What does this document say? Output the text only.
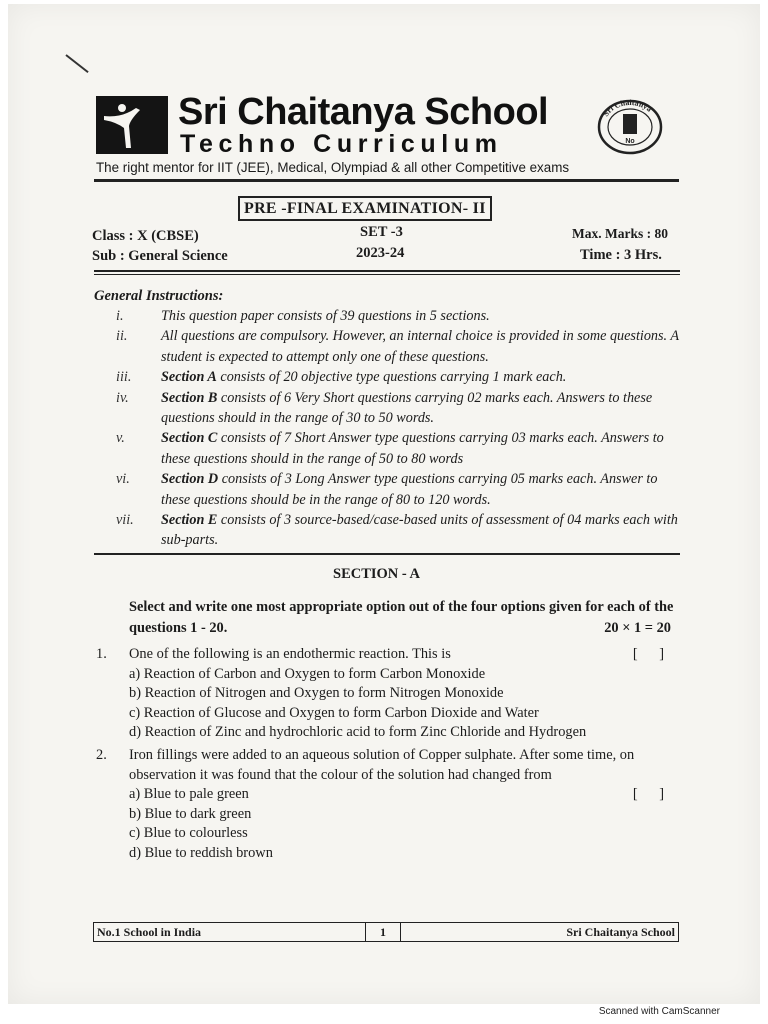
Sri Chaitanya School
Techno Curriculum
Sri Chaitanya
No
The right mentor for IIT (JEE), Medical, Olympiad & all other Competitive exams
PRE -FINAL EXAMINATION- II
Class : X (CBSE)
Sub : General Science
SET -3
2023-24
Max. Marks : 80
Time : 3 Hrs.
General Instructions:
i.	This question paper consists of 39 questions in 5 sections.
ii.	All questions are compulsory. However, an internal choice is provided in some questions. A student is expected to attempt only one of these questions.
iii.	Section A consists of 20 objective type questions carrying 1 mark each.
iv.	Section B consists of 6 Very Short questions carrying 02 marks each. Answers to these questions should in the range of 30 to 50 words.
v.	Section C consists of 7 Short Answer type questions carrying 03 marks each. Answers to these questions should in the range of 50 to 80 words
vi.	Section D consists of 3 Long Answer type questions carrying 05 marks each. Answer to these questions should be in the range of 80 to 120 words.
vii.	Section E consists of 3 source-based/case-based units of assessment of 04 marks each with sub-parts.
SECTION - A
Select and write one most appropriate option out of the four options given for each of the questions 1 - 20.	20 × 1 = 20
1. One of the following is an endothermic reaction. This is	[      ]
a) Reaction of Carbon and Oxygen to form Carbon Monoxide
b) Reaction of Nitrogen and Oxygen to form Nitrogen Monoxide
c) Reaction of Glucose and Oxygen to form Carbon Dioxide and Water
d) Reaction of Zinc and hydrochloric acid to form Zinc Chloride and Hydrogen
2. Iron fillings were added to an aqueous solution of Copper sulphate. After some time, on observation it was found that the colour of the solution had changed from
a) Blue to pale green	[      ]
b) Blue to dark green
c) Blue to colourless
d) Blue to reddish brown
No.1 School in India	1	Sri Chaitanya School
Scanned with CamScanner
